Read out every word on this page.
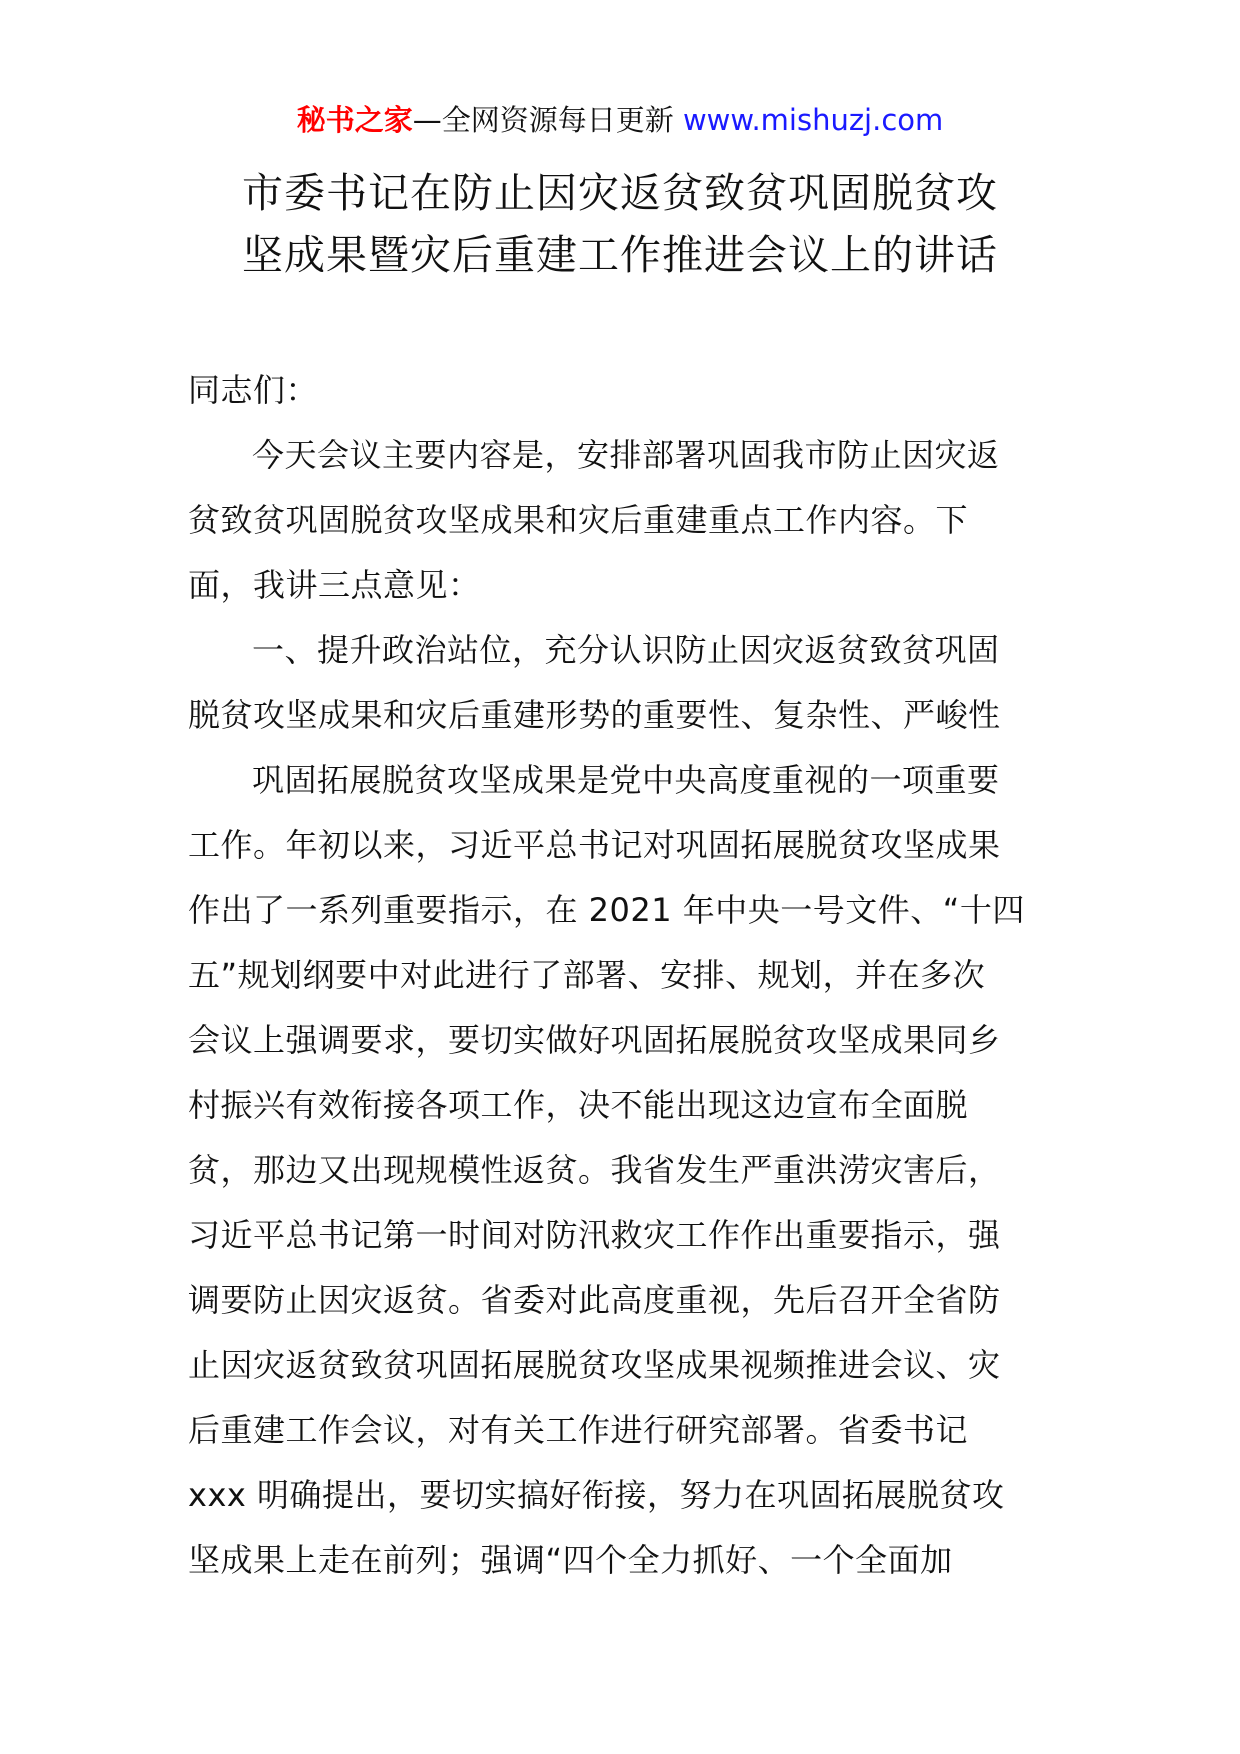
秘书之家—全网资源每日更新 www.mishuzj.com
市委书记在防止因灾返贫致贫巩固脱贫攻
坚成果暨灾后重建工作推进会议上的讲话
同志们：
今天会议主要内容是，安排部署巩固我市防止因灾返
贫致贫巩固脱贫攻坚成果和灾后重建重点工作内容。下
面，我讲三点意见：
一、提升政治站位，充分认识防止因灾返贫致贫巩固
脱贫攻坚成果和灾后重建形势的重要性、复杂性、严峻性
巩固拓展脱贫攻坚成果是党中央高度重视的一项重要
工作。年初以来，习近平总书记对巩固拓展脱贫攻坚成果
作出了一系列重要指示，在 2021 年中央一号文件、“十四
五”规划纲要中对此进行了部署、安排、规划，并在多次
会议上强调要求，要切实做好巩固拓展脱贫攻坚成果同乡
村振兴有效衔接各项工作，决不能出现这边宣布全面脱
贫，那边又出现规模性返贫。我省发生严重洪涝灾害后，
习近平总书记第一时间对防汛救灾工作作出重要指示，强
调要防止因灾返贫。省委对此高度重视，先后召开全省防
止因灾返贫致贫巩固拓展脱贫攻坚成果视频推进会议、灾
后重建工作会议，对有关工作进行研究部署。省委书记
xxx 明确提出，要切实搞好衔接，努力在巩固拓展脱贫攻
坚成果上走在前列；强调“四个全力抓好、一个全面加
